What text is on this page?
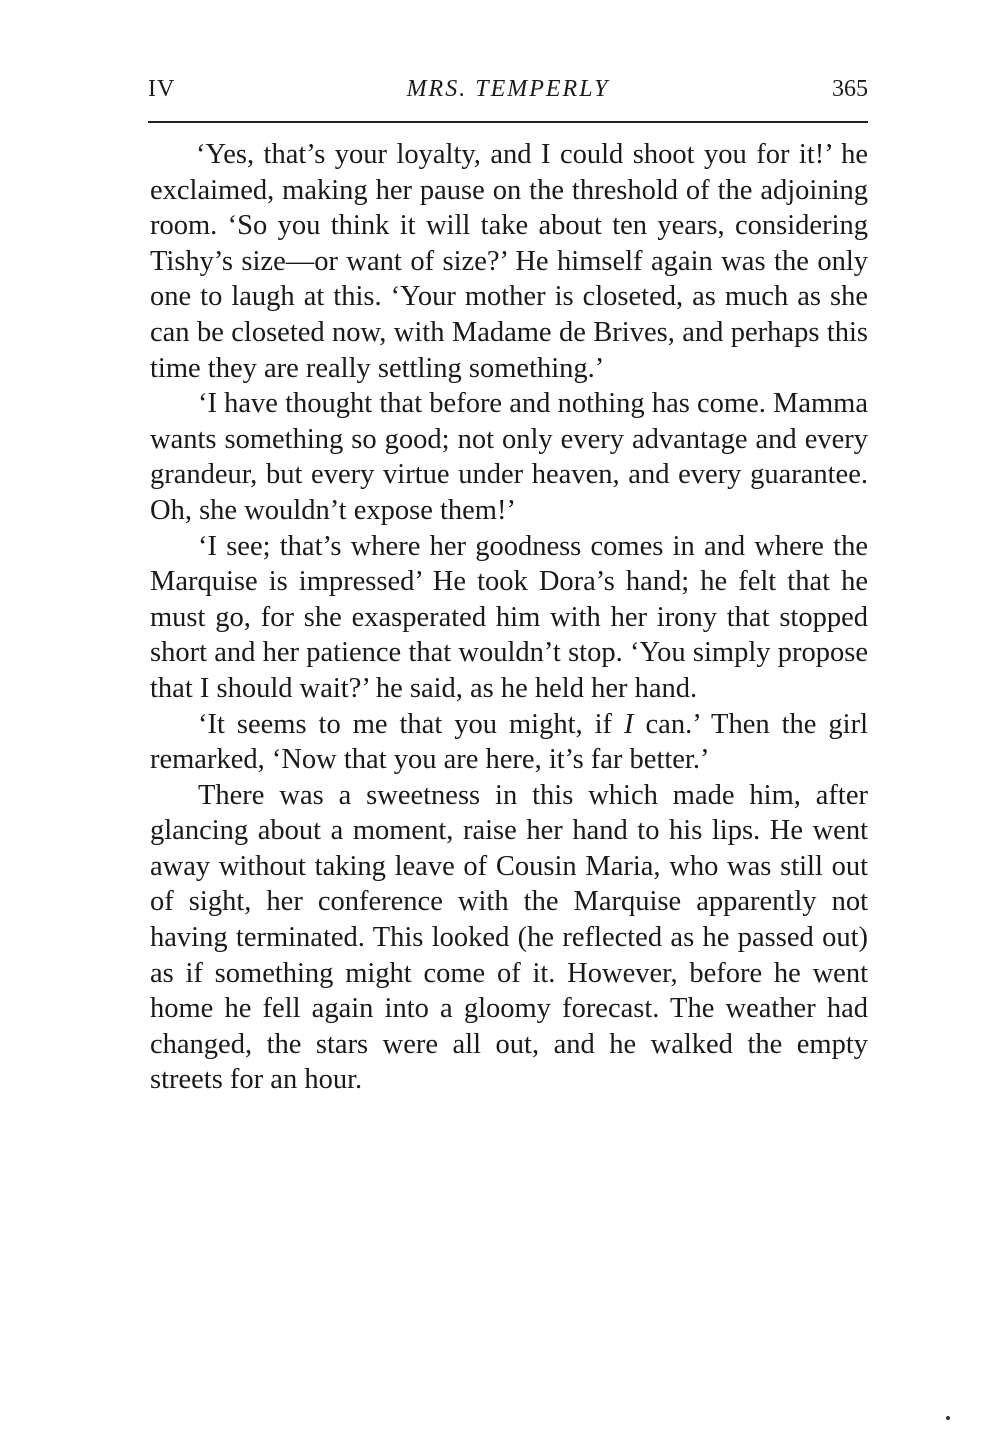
IV	MRS. TEMPERLY	365

‘Yes, that’s your loyalty, and I could shoot you for it!’ he exclaimed, making her pause on the threshold of the adjoining room. ‘So you think it will take about ten years, considering Tishy’s size—or want of size?’ He himself again was the only one to laugh at this. ‘Your mother is closeted, as much as she can be closeted now, with Madame de Brives, and perhaps this time they are really settling something.’

‘I have thought that before and nothing has come. Mamma wants something so good; not only every advantage and every grandeur, but every virtue under heaven, and every guarantee. Oh, she wouldn’t expose them!’

‘I see; that’s where her goodness comes in and where the Marquise is impressed’ He took Dora’s hand; he felt that he must go, for she exasperated him with her irony that stopped short and her patience that wouldn’t stop. ‘You simply propose that I should wait?’ he said, as he held her hand.

‘It seems to me that you might, if I can.’ Then the girl remarked, ‘Now that you are here, it’s far better.’

There was a sweetness in this which made him, after glancing about a moment, raise her hand to his lips. He went away without taking leave of Cousin Maria, who was still out of sight, her conference with the Marquise apparently not having terminated. This looked (he reflected as he passed out) as if something might come of it. However, before he went home he fell again into a gloomy forecast. The weather had changed, the stars were all out, and he walked the empty streets for an hour.
